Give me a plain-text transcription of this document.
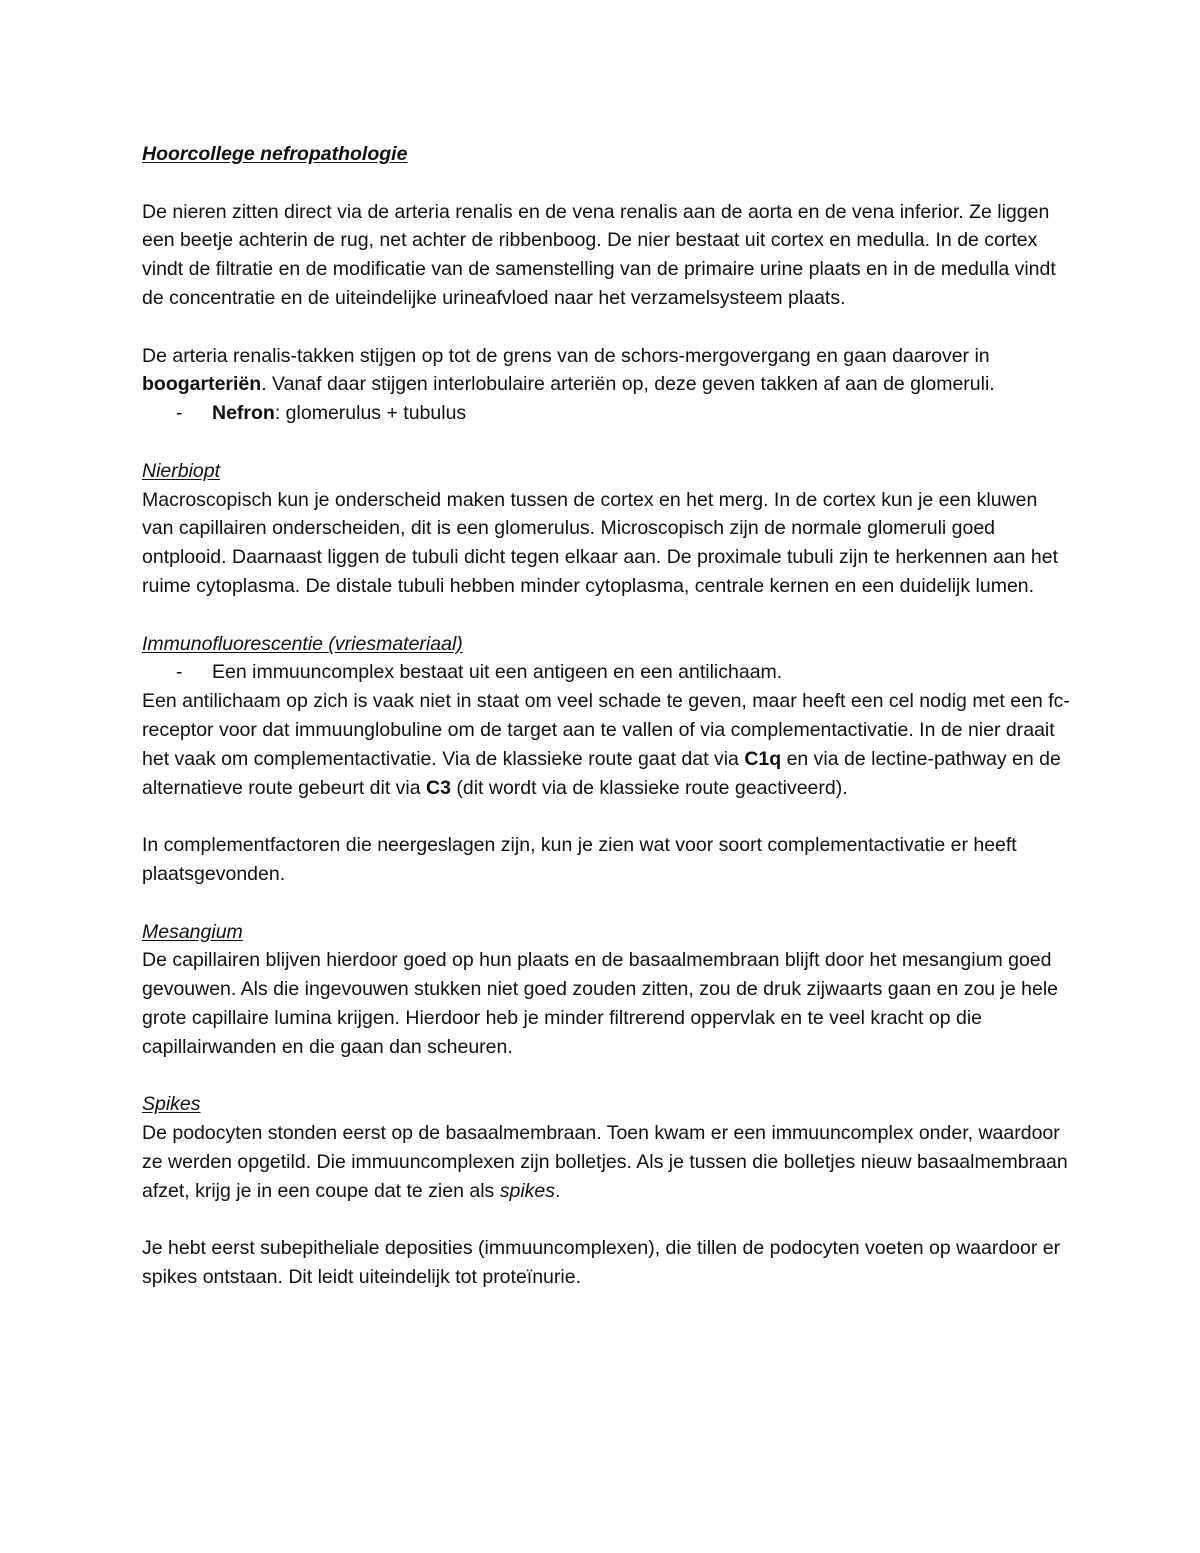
Hoorcollege nefropathologie

De nieren zitten direct via de arteria renalis en de vena renalis aan de aorta en de vena inferior. Ze liggen een beetje achterin de rug, net achter de ribbenboog. De nier bestaat uit cortex en medulla. In de cortex vindt de filtratie en de modificatie van de samenstelling van de primaire urine plaats en in de medulla vindt de concentratie en de uiteindelijke urineafvloed naar het verzamelsysteem plaats.

De arteria renalis-takken stijgen op tot de grens van de schors-mergovergang en gaan daarover in boogarteriën. Vanaf daar stijgen interlobulaire arteriën op, deze geven takken af aan de glomeruli.

- Nefron: glomerulus + tubulus

Nierbiopt

Macroscopisch kun je onderscheid maken tussen de cortex en het merg. In de cortex kun je een kluwen van capillairen onderscheiden, dit is een glomerulus. Microscopisch zijn de normale glomeruli goed ontplooid. Daarnaast liggen de tubuli dicht tegen elkaar aan. De proximale tubuli zijn te herkennen aan het ruime cytoplasma. De distale tubuli hebben minder cytoplasma, centrale kernen en een duidelijk lumen.

Immunofluorescentie (vriesmateriaal)

- Een immuuncomplex bestaat uit een antigeen en een antilichaam.

Een antilichaam op zich is vaak niet in staat om veel schade te geven, maar heeft een cel nodig met een fc-receptor voor dat immuunglobuline om de target aan te vallen of via complementactivatie. In de nier draait het vaak om complementactivatie. Via de klassieke route gaat dat via C1q en via de lectine-pathway en de alternatieve route gebeurt dit via C3 (dit wordt via de klassieke route geactiveerd).

In complementfactoren die neergeslagen zijn, kun je zien wat voor soort complementactivatie er heeft plaatsgevonden.

Mesangium

De capillairen blijven hierdoor goed op hun plaats en de basaalmembraan blijft door het mesangium goed gevouwen. Als die ingevouwen stukken niet goed zouden zitten, zou de druk zijwaarts gaan en zou je hele grote capillaire lumina krijgen. Hierdoor heb je minder filtrerend oppervlak en te veel kracht op die capillairwanden en die gaan dan scheuren.

Spikes

De podocyten stonden eerst op de basaalmembraan. Toen kwam er een immuuncomplex onder, waardoor ze werden opgetild. Die immuuncomplexen zijn bolletjes. Als je tussen die bolletjes nieuw basaalmembraan afzet, krijg je in een coupe dat te zien als spikes.

Je hebt eerst subepitheliale deposities (immuuncomplexen), die tillen de podocyten voeten op waardoor er spikes ontstaan. Dit leidt uiteindelijk tot proteïnurie.
